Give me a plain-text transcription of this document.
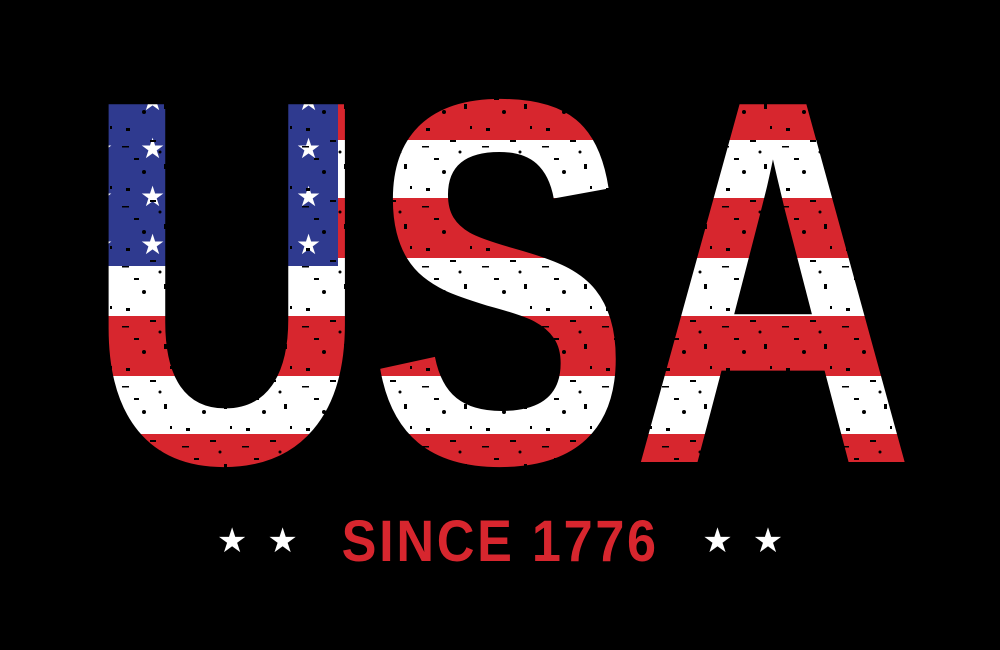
★ ★ SINCE 1776 ★ ★
